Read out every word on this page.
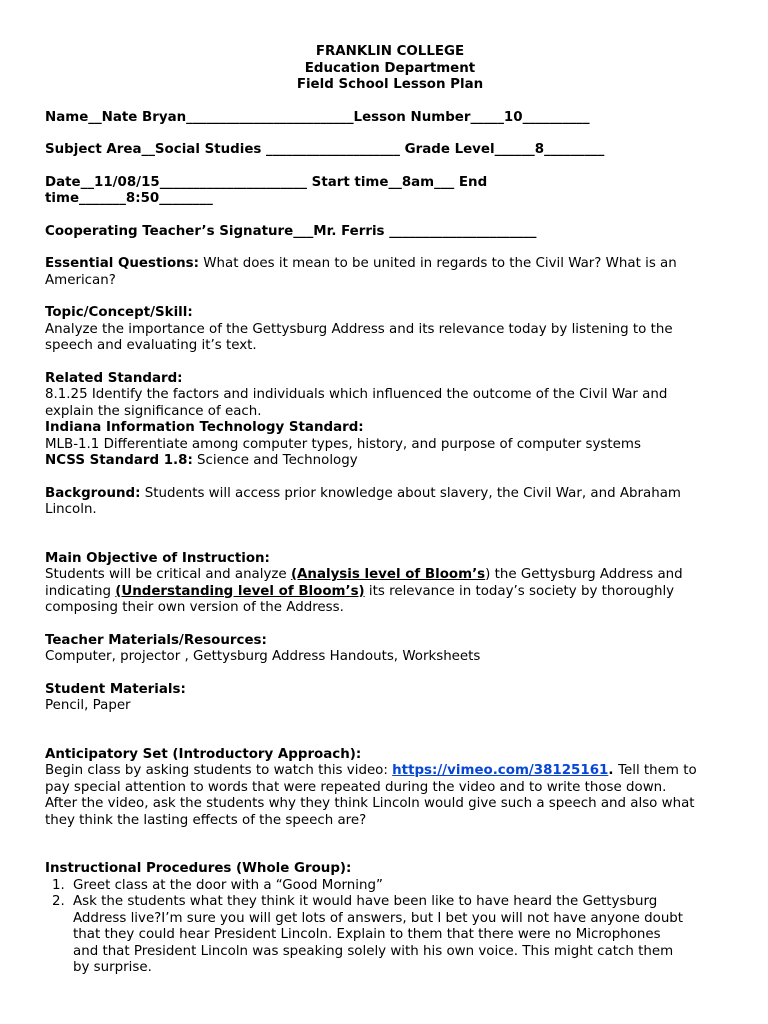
FRANKLIN COLLEGE
Education Department
Field School Lesson Plan
Name__Nate Bryan_________________________Lesson Number_____10__________
Subject Area__Social Studies ____________________ Grade Level______8_________
Date__11/08/15______________________ Start time__8am___ End
time_______8:50________
Cooperating Teacher’s Signature___Mr. Ferris ______________________
Essential Questions: What does it mean to be united in regards to the Civil War? What is an
American?
Topic/Concept/Skill:
Analyze the importance of the Gettysburg Address and its relevance today by listening to the
speech and evaluating it’s text.
Related Standard:
8.1.25 Identify the factors and individuals which influenced the outcome of the Civil War and
explain the significance of each.
Indiana Information Technology Standard:
MLB-1.1 Differentiate among computer types, history, and purpose of computer systems
NCSS Standard 1.8: Science and Technology
Background: Students will access prior knowledge about slavery, the Civil War, and Abraham
Lincoln.
Main Objective of Instruction:
Students will be critical and analyze (Analysis level of Bloom’s) the Gettysburg Address and
indicating (Understanding level of Bloom’s) its relevance in today’s society by thoroughly
composing their own version of the Address.
Teacher Materials/Resources:
Computer, projector , Gettysburg Address Handouts, Worksheets
Student Materials:
Pencil, Paper
Anticipatory Set (Introductory Approach):
Begin class by asking students to watch this video: https://vimeo.com/38125161. Tell them to
pay special attention to words that were repeated during the video and to write those down.
After the video, ask the students why they think Lincoln would give such a speech and also what
they think the lasting effects of the speech are?
Instructional Procedures (Whole Group):
1. Greet class at the door with a “Good Morning”
2. Ask the students what they think it would have been like to have heard the Gettysburg
Address live?I’m sure you will get lots of answers, but I bet you will not have anyone doubt
that they could hear President Lincoln. Explain to them that there were no Microphones
and that President Lincoln was speaking solely with his own voice. This might catch them
by surprise.
